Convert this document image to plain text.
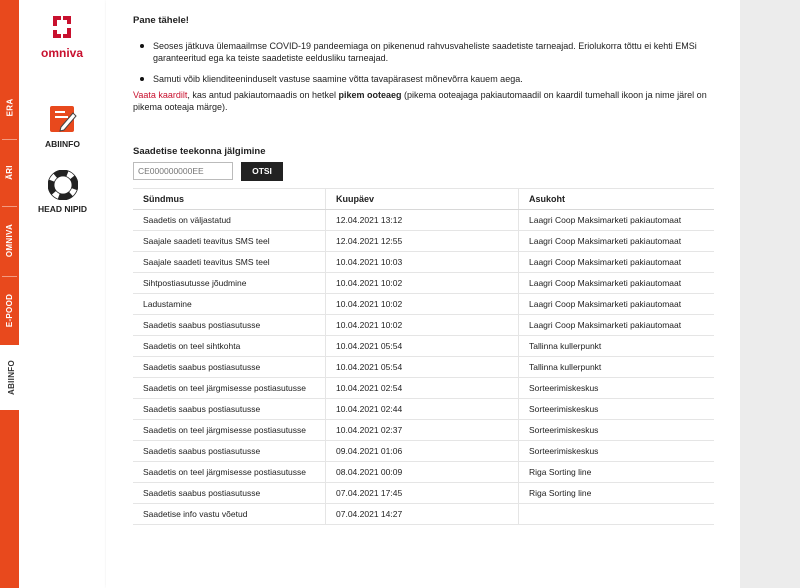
ERA
ÄRI
OMNIVA
E-POOD
ABIINFO
omniva
ABIINFO
HEAD NIPID
Pane tähele!
Seoses jätkuva ülemaailmse COVID-19 pandeemiaga on pikenenud rahvusvaheliste saadetiste tarneajad. Eriolukorra tõttu ei kehti EMSi garanteeritud ega ka teiste saadetiste eeldusliku tarneajad.
Samuti võib klienditeeninduselt vastuse saamine võtta tavapärasest mõnevõrra kauem aega.
Vaata kaardilt, kas antud pakiautomaadis on hetkel pikem ooteaeg (pikema ooteajaga pakiautomaadil on kaardil tumehall ikoon ja nime järel on pikema ooteaja märge).
Saadetise teekonna jälgimine
CE000000000EE
OTSI
Sündmus	Kuupäev	Asukoht
Saadetis on väljastatud	12.04.2021 13:12	Laagri Coop Maksimarketi pakiautomaat
Saajale saadeti teavitus SMS teel	12.04.2021 12:55	Laagri Coop Maksimarketi pakiautomaat
Saajale saadeti teavitus SMS teel	10.04.2021 10:03	Laagri Coop Maksimarketi pakiautomaat
Sihtpostiasutusse jõudmine	10.04.2021 10:02	Laagri Coop Maksimarketi pakiautomaat
Ladustamine	10.04.2021 10:02	Laagri Coop Maksimarketi pakiautomaat
Saadetis saabus postiasutusse	10.04.2021 10:02	Laagri Coop Maksimarketi pakiautomaat
Saadetis on teel sihtkohta	10.04.2021 05:54	Tallinna kullerpunkt
Saadetis saabus postiasutusse	10.04.2021 05:54	Tallinna kullerpunkt
Saadetis on teel järgmisesse postiasutusse	10.04.2021 02:54	Sorteerimiskeskus
Saadetis saabus postiasutusse	10.04.2021 02:44	Sorteerimiskeskus
Saadetis on teel järgmisesse postiasutusse	10.04.2021 02:37	Sorteerimiskeskus
Saadetis saabus postiasutusse	09.04.2021 01:06	Sorteerimiskeskus
Saadetis on teel järgmisesse postiasutusse	08.04.2021 00:09	Riga Sorting line
Saadetis saabus postiasutusse	07.04.2021 17:45	Riga Sorting line
Saadetise info vastu võetud	07.04.2021 14:27	
